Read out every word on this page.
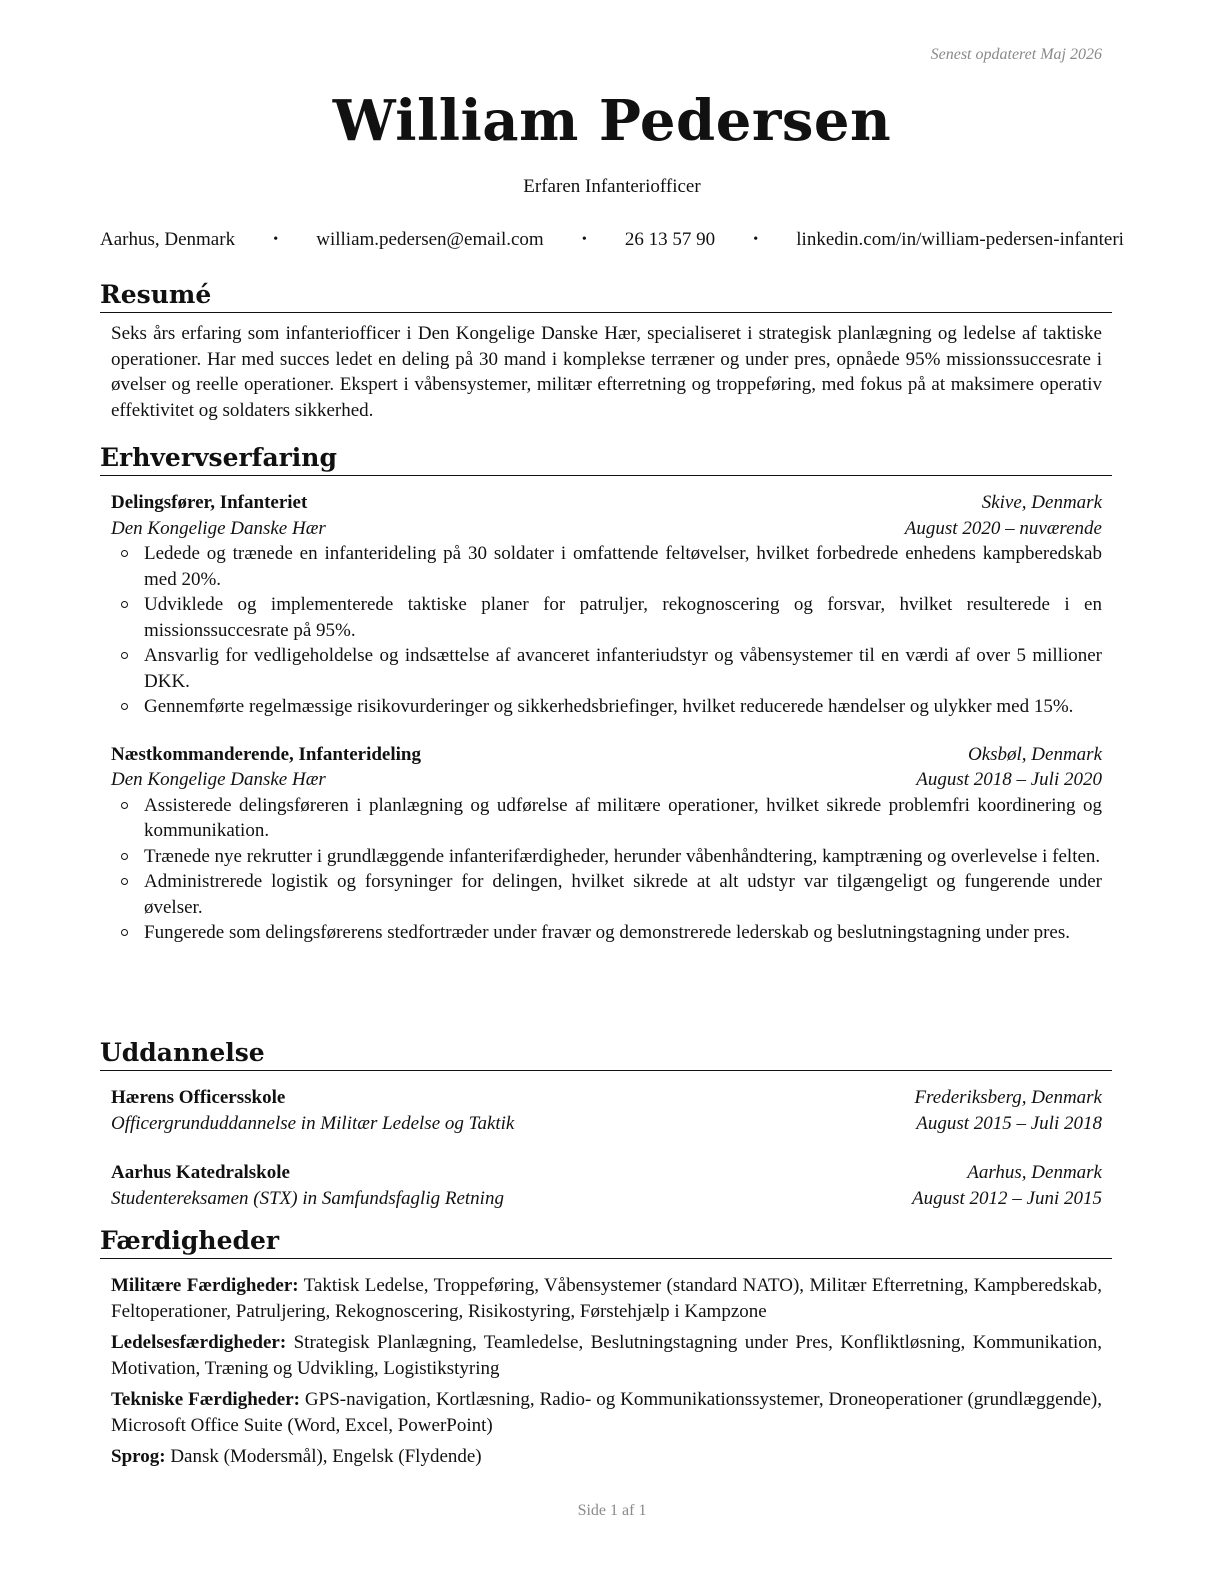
Senest opdateret Maj 2026
William Pedersen
Erfaren Infanteriofficer
Aarhus, Denmark	• william.pedersen@email.com	• 26 13 57 90	• linkedin.com/in/william-pedersen-infanteri
Resumé

Seks års erfaring som infanteriofficer i Den Kongelige Danske Hær, specialiseret i strategisk planlægning og ledelse af taktiske operationer. Har med succes ledet en deling på 30 mand i komplekse terræner og under pres, opnåede 95% missionssuccesrate i øvelser og reelle operationer. Ekspert i våbensystemer, militær efterretning og troppeføring, med fokus på at maksimere operativ effektivitet og soldaters sikkerhed.

Erhvervserfaring
Delingsfører, Infanteriet	Skive, Denmark
Den Kongelige Danske Hær	August 2020 – nuværende
Ledede og trænede en infanterideling på 30 soldater i omfattende feltøvelser, hvilket forbedrede enhedens kampberedskab med 20%.
Udviklede og implementerede taktiske planer for patruljer, rekognoscering og forsvar, hvilket resulterede i en missionssuccesrate på 95%.
Ansvarlig for vedligeholdelse og indsættelse af avanceret infanteriudstyr og våbensystemer til en værdi af over 5 millioner DKK.
Gennemførte regelmæssige risikovurderinger og sikkerhedsbriefinger, hvilket reducerede hændelser og ulykker med 15%.
Næstkommanderende, Infanterideling	Oksbøl, Denmark
Den Kongelige Danske Hær	August 2018 – Juli 2020
Assisterede delingsføreren i planlægning og udførelse af militære operationer, hvilket sikrede problemfri koordinering og kommunikation.
Trænede nye rekrutter i grundlæggende infanterifærdigheder, herunder våbenhåndtering, kamptræning og overlevelse i felten.
Administrerede logistik og forsyninger for delingen, hvilket sikrede at alt udstyr var tilgængeligt og fungerende under øvelser.
Fungerede som delingsførerens stedfortræder under fravær og demonstrerede lederskab og beslutningstagning under pres.
Uddannelse
Hærens Officersskole	Frederiksberg, Denmark
Officergrunduddannelse in Militær Ledelse og Taktik	August 2015 – Juli 2018
Aarhus Katedralskole	Aarhus, Denmark
Studentereksamen (STX) in Samfundsfaglig Retning	August 2012 – Juni 2015
Færdigheder

Militære Færdigheder: Taktisk Ledelse, Troppeføring, Våbensystemer (standard NATO), Militær Efterretning, Kampberedskab, Feltoperationer, Patruljering, Rekognoscering, Risikostyring, Førstehjælp i Kampzone

Ledelsesfærdigheder: Strategisk Planlægning, Teamledelse, Beslutningstagning under Pres, Konfliktløsning, Kommunikation, Motivation, Træning og Udvikling, Logistikstyring

Tekniske Færdigheder: GPS-navigation, Kortlæsning, Radio- og Kommunikationssystemer, Droneoperationer (grundlæggende), Microsoft Office Suite (Word, Excel, PowerPoint)

Sprog: Dansk (Modersmål), Engelsk (Flydende)

Side 1 af 1
